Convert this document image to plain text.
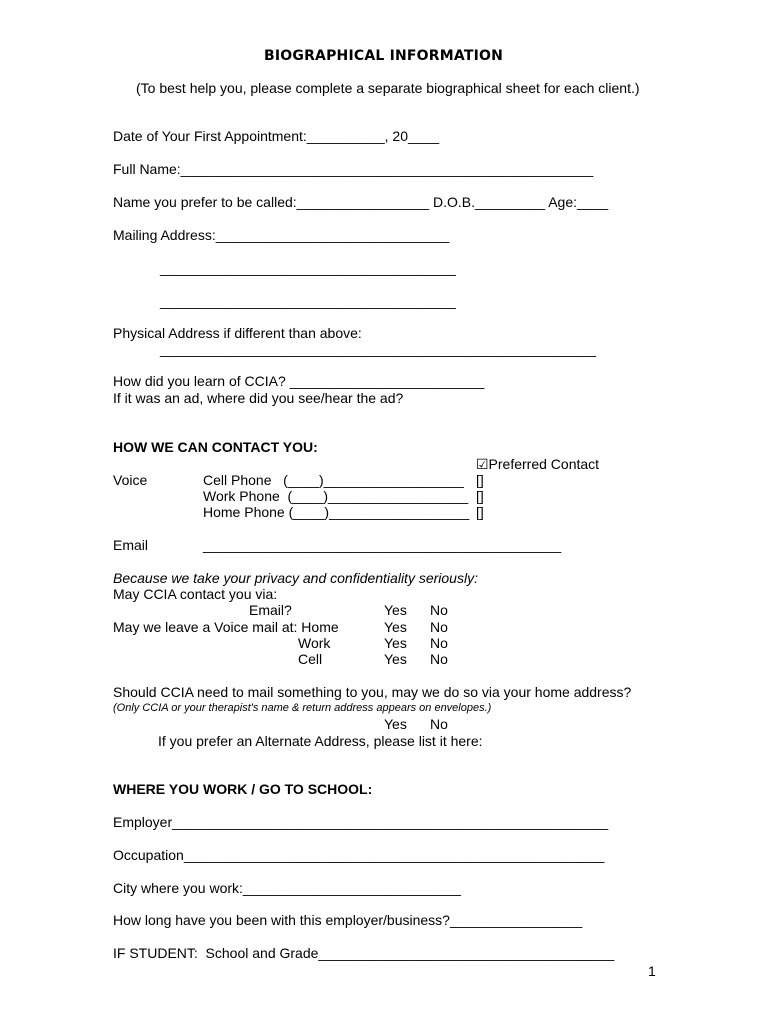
BIOGRAPHICAL INFORMATION
(To best help you, please complete a separate biographical sheet for each client.)
Date of Your First Appointment:__________, 20____
Full Name:_____________________________________________________
Name you prefer to be called:_________________ D.O.B._________ Age:____
Mailing Address:______________________________
______________________________________
______________________________________
Physical Address if different than above:
________________________________________________________
How did you learn of CCIA? _________________________
If it was an ad, where did you see/hear the ad?
HOW WE CAN CONTACT YOU:
☑Preferred Contact
Voice	Cell Phone   (____)__________________ []
Work Phone  (____)__________________ []
Home Phone (____)__________________ []
Email	______________________________________________
Because we take your privacy and confidentiality seriously:
May CCIA contact you via:
Email?	Yes No
May we leave a Voice mail at: Home	Yes No
Work	Yes No
Cell	Yes No
Should CCIA need to mail something to you, may we do so via your home address?
(Only CCIA or your therapist's name & return address appears on envelopes.)
Yes No
If you prefer an Alternate Address, please list it here:
WHERE YOU WORK / GO TO SCHOOL:
Employer________________________________________________________
Occupation______________________________________________________
City where you work:____________________________
How long have you been with this employer/business?_________________
IF STUDENT:  School and Grade______________________________________
1
